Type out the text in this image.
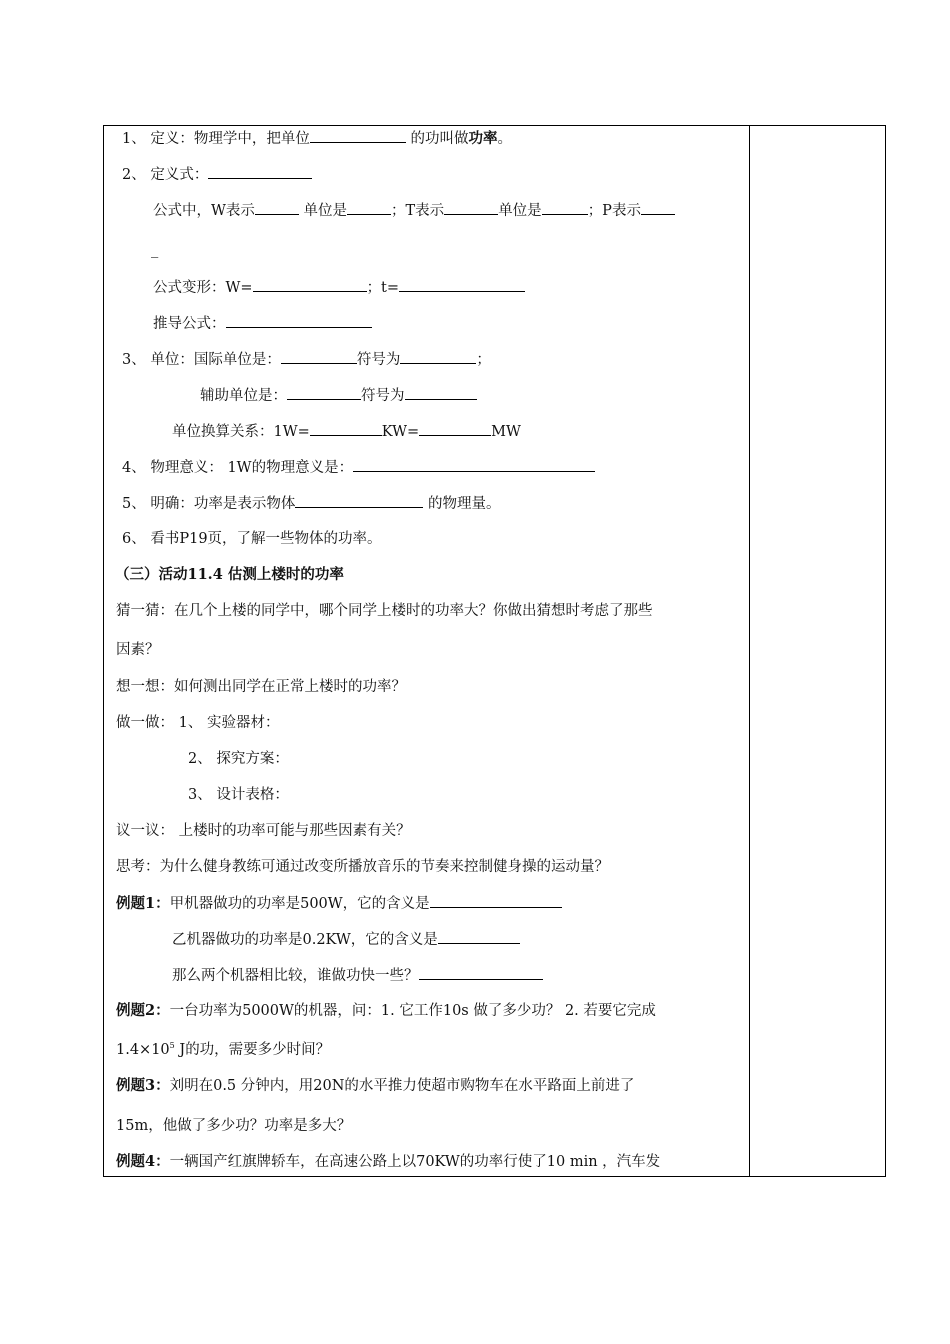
1、 定义：物理学中，把单位	的功叫做功率。
2、 定义式：
公式中，W表示	单位是	；T表示	单位是	；P表示
_
公式变形：W=	；t=
推导公式：
3、 单位：国际单位是：	符号为	；
辅助单位是：	符号为
单位换算关系：1W=	KW=	MW
4、 物理意义： 1W的物理意义是：
5、 明确：功率是表示物体	的物理量。
6、 看书P19页，了解一些物体的功率。
（三）活动11.4 估测上楼时的功率
猜一猜：在几个上楼的同学中，哪个同学上楼时的功率大？你做出猜想时考虑了那些
因素？
想一想：如何测出同学在正常上楼时的功率？
做一做： 1、 实验器材：
2、 探究方案：
3、 设计表格：
议一议： 上楼时的功率可能与那些因素有关？
思考：为什么健身教练可通过改变所播放音乐的节奏来控制健身操的运动量？
例题1：甲机器做功的功率是500W，它的含义是
乙机器做功的功率是0.2KW，它的含义是
那么两个机器相比较，谁做功快一些？
例题2：一台功率为5000W的机器，问：1. 它工作10s 做了多少功？ 2. 若要它完成
$1.4\times 10^5$ J的功，需要多少时间？
例题3：刘明在0.5 分钟内，用20N的水平推力使超市购物车在水平路面上前进了
15m，他做了多少功？功率是多大？
例题4：一辆国产红旗牌轿车，在高速公路上以70KW的功率行使了10 min ，汽车发
